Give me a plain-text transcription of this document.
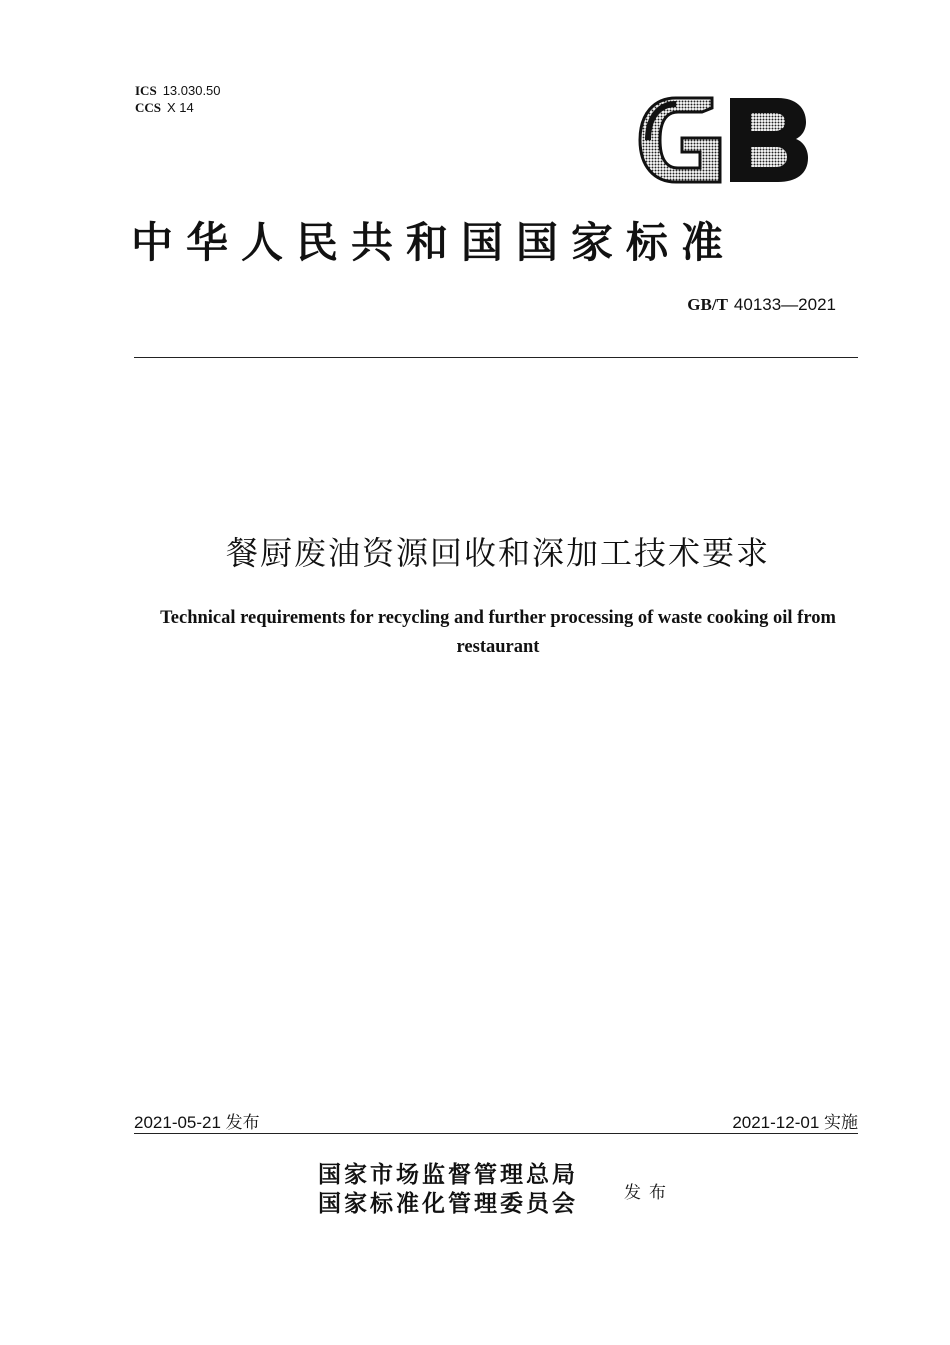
ICS 13.030.50
CCS X 14
中华人民共和国国家标准
GB/T 40133—2021
餐厨废油资源回收和深加工技术要求
Technical requirements for recycling and further processing of waste cooking oil from restaurant
2021-05-21 发布	2021-12-01 实施
国家市场监督管理总局
国家标准化管理委员会	发布
